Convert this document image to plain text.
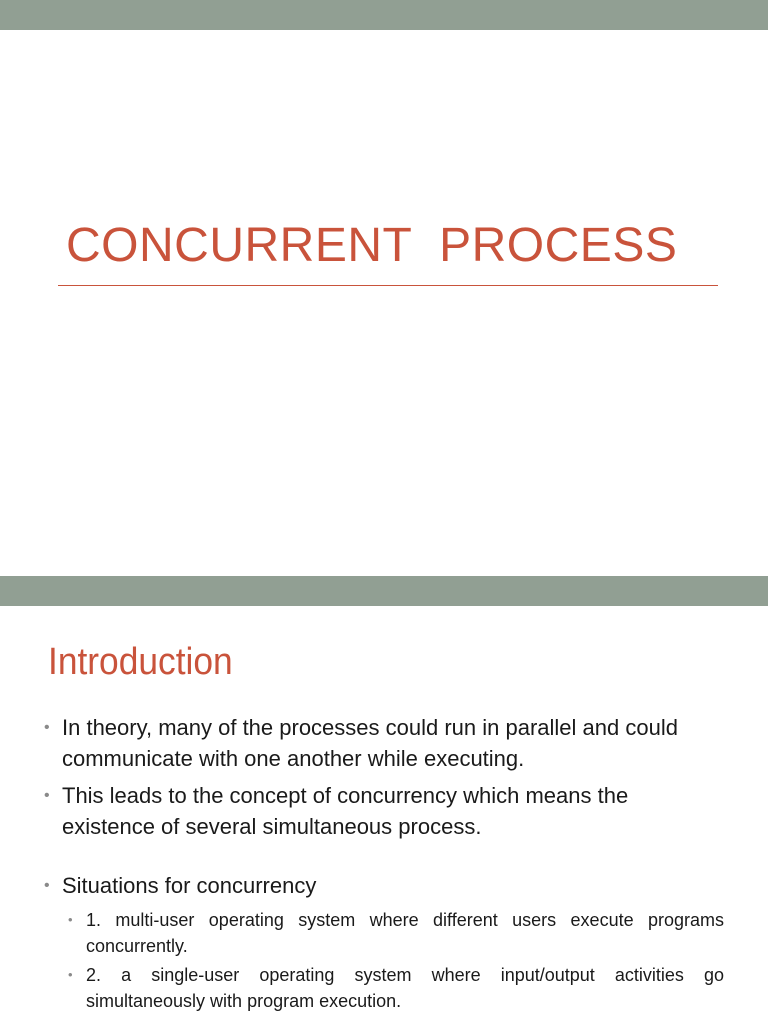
CONCURRENT  PROCESS
Introduction
• In theory, many of the processes could run in parallel and could communicate with one another while executing.
• This leads to the concept of concurrency which means the existence of several simultaneous process.
• Situations for concurrency
• 1. multi-user operating system where different users execute programs concurrently.
• 2. a single-user operating system where input/output activities go simultaneously with program execution.
